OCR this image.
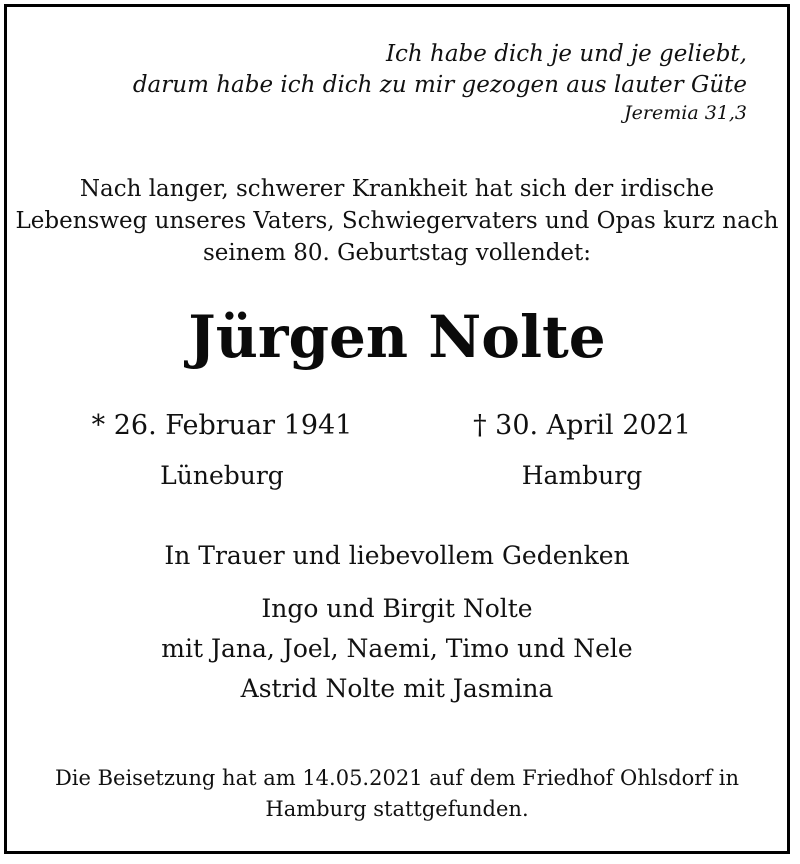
Ich habe dich je und je geliebt,
darum habe ich dich zu mir gezogen aus lauter Güte
Jeremia 31,3
Nach langer, schwerer Krankheit hat sich der irdische
Lebensweg unseres Vaters, Schwiegervaters und Opas kurz nach
seinem 80. Geburtstag vollendet:
Jürgen Nolte
* 26. Februar 1941
Lüneburg
† 30. April 2021
Hamburg
In Trauer und liebevollem Gedenken
Ingo und Birgit Nolte
mit Jana, Joel, Naemi, Timo und Nele
Astrid Nolte mit Jasmina
Die Beisetzung hat am 14.05.2021 auf dem Friedhof Ohlsdorf in
Hamburg stattgefunden.
